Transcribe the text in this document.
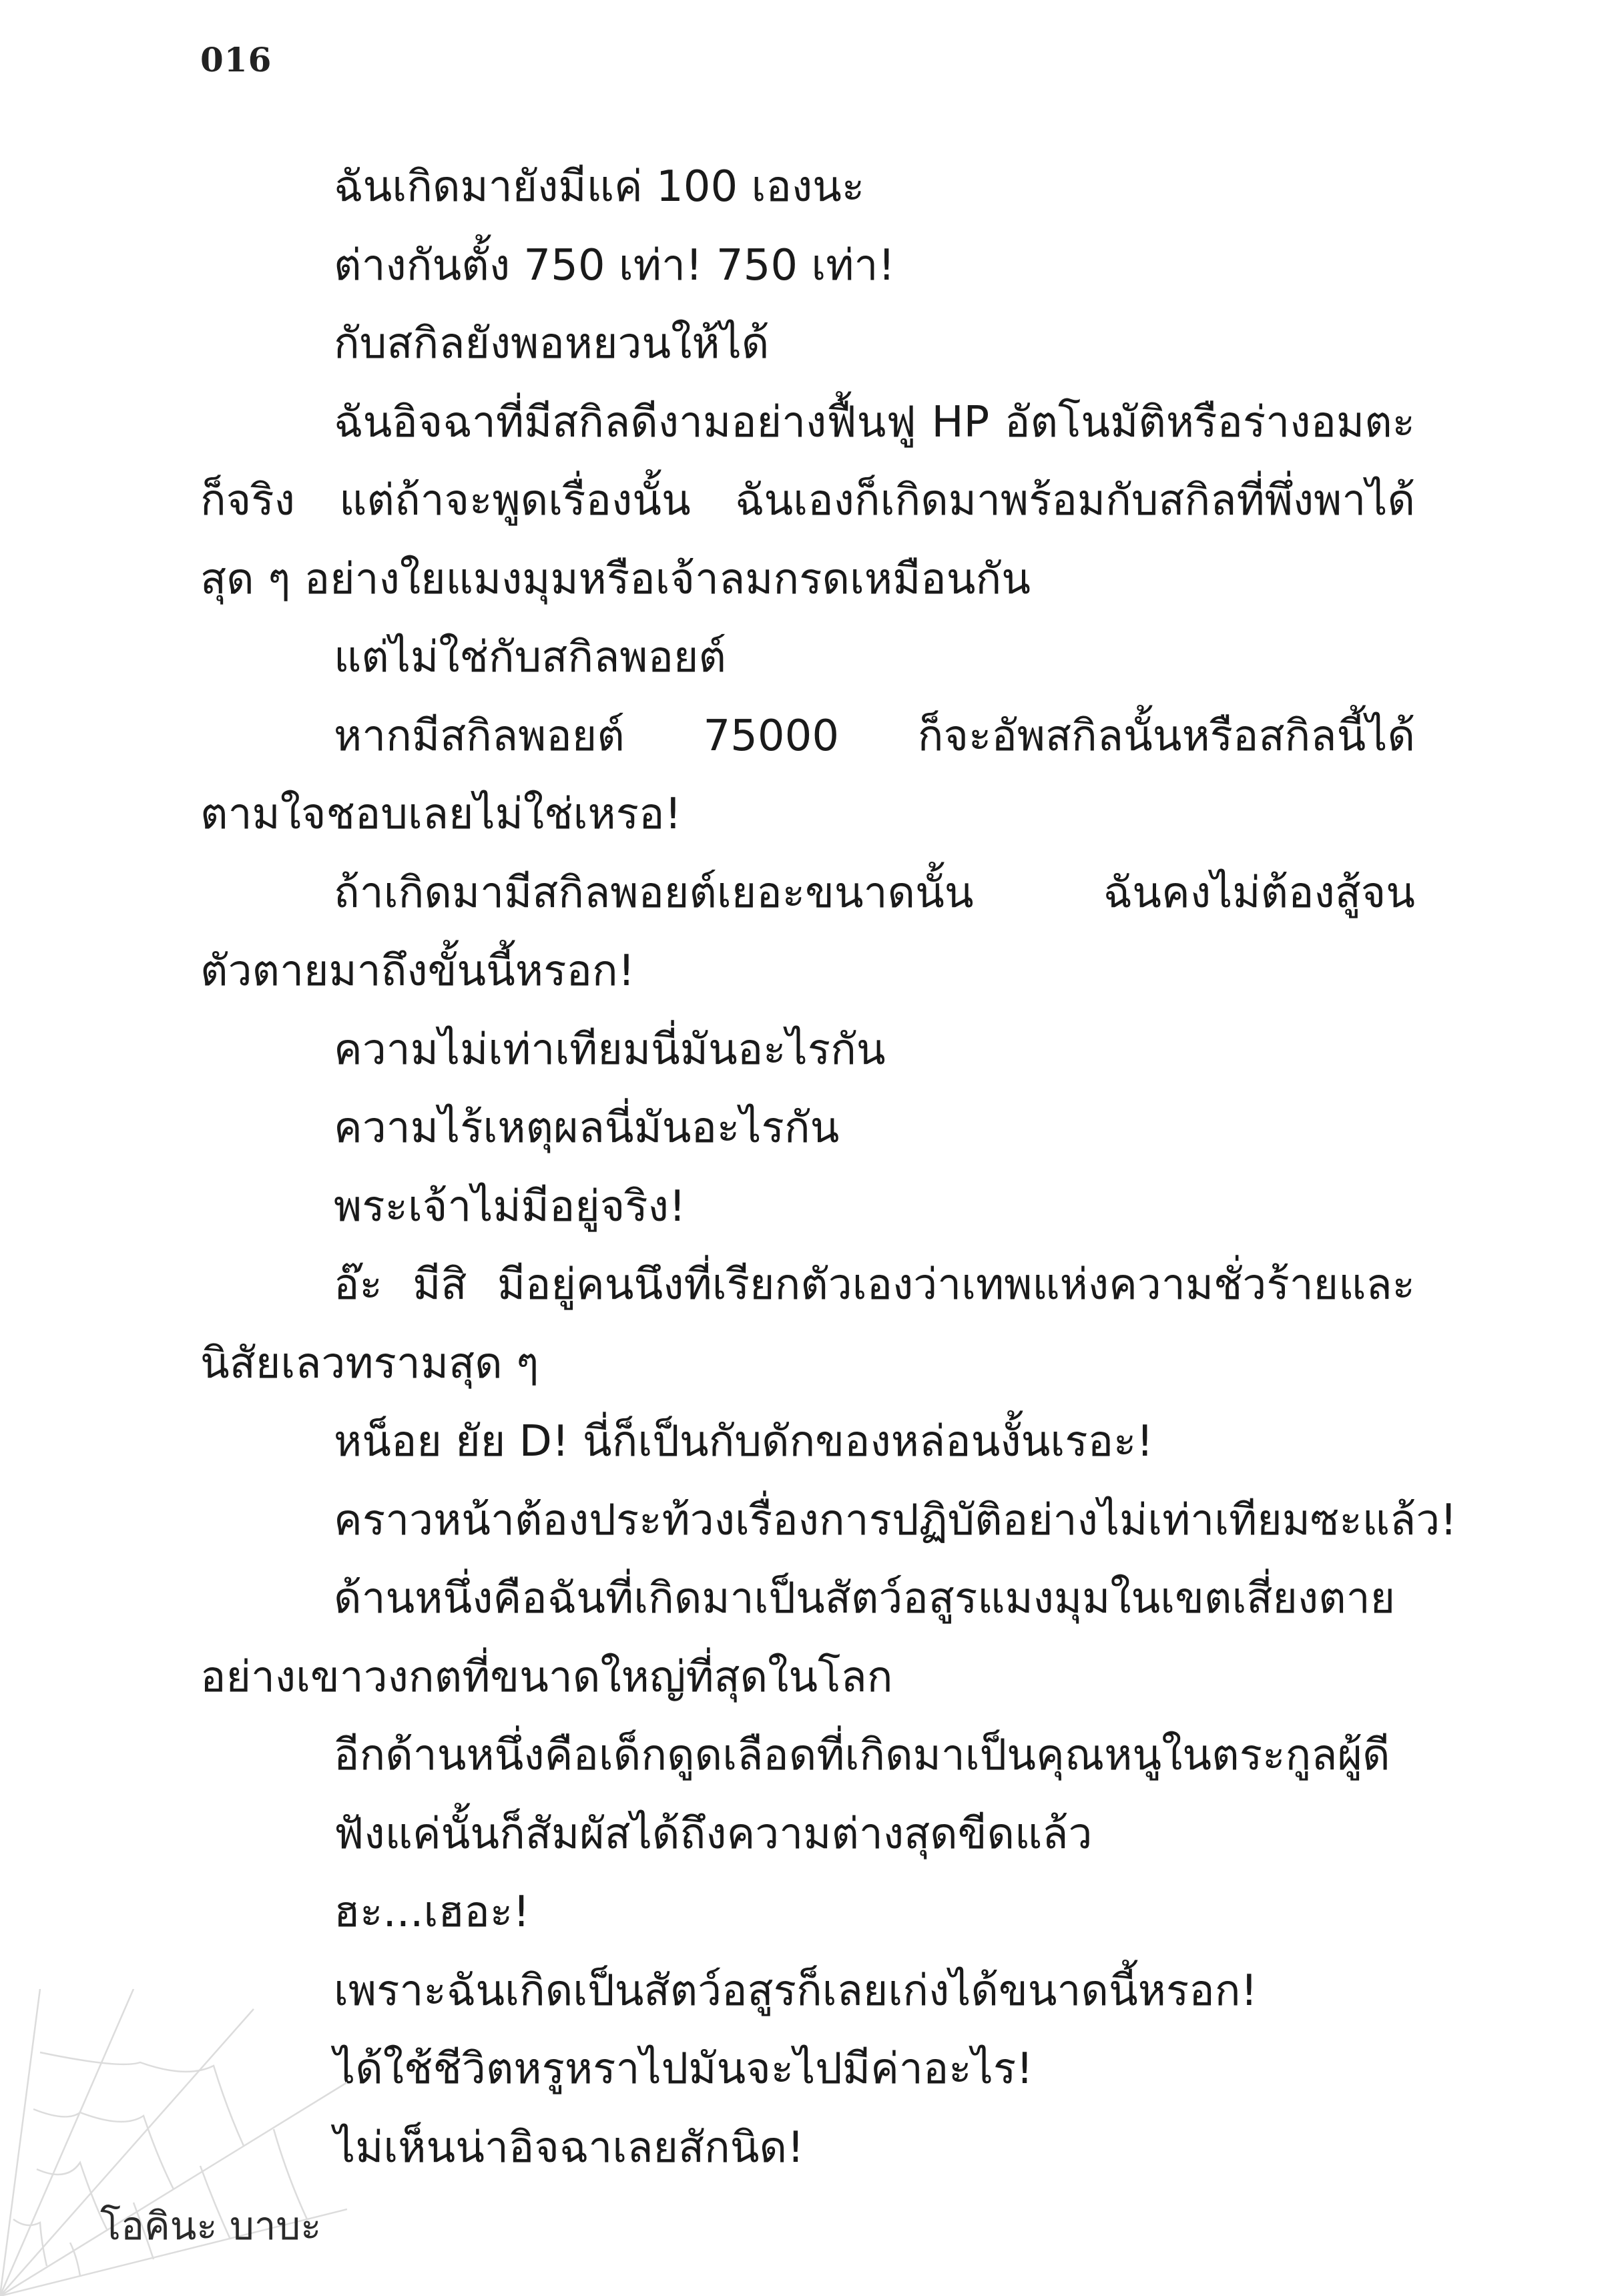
016
ฉันเกิดมายังมีแค่ 100 เองนะ
ต่างกันตั้ง 750 เท่า! 750 เท่า!
กับสกิลยังพอหยวนให้ได้
ฉันอิจฉาที่มีสกิลดีงามอย่างฟื้นฟู HP อัตโนมัติหรือร่างอมตะ
ก็จริง แต่ถ้าจะพูดเรื่องนั้น ฉันเองก็เกิดมาพร้อมกับสกิลที่พึ่งพาได้
สุด ๆ อย่างใยแมงมุมหรือเจ้าลมกรดเหมือนกัน
แต่ไม่ใช่กับสกิลพอยต์
หากมีสกิลพอยต์ 75000 ก็จะอัพสกิลนั้นหรือสกิลนี้ได้
ตามใจชอบเลยไม่ใช่เหรอ!
ถ้าเกิดมามีสกิลพอยต์เยอะขนาดนั้น ฉันคงไม่ต้องสู้จน
ตัวตายมาถึงขั้นนี้หรอก!
ความไม่เท่าเทียมนี่มันอะไรกัน
ความไร้เหตุผลนี่มันอะไรกัน
พระเจ้าไม่มีอยู่จริง!
อ๊ะ มีสิ มีอยู่คนนึงที่เรียกตัวเองว่าเทพแห่งความชั่วร้ายและ
นิสัยเลวทรามสุด ๆ
หน็อย ยัย D! นี่ก็เป็นกับดักของหล่อนงั้นเรอะ!
คราวหน้าต้องประท้วงเรื่องการปฏิบัติอย่างไม่เท่าเทียมซะแล้ว!
ด้านหนึ่งคือฉันที่เกิดมาเป็นสัตว์อสูรแมงมุมในเขตเสี่ยงตาย
อย่างเขาวงกตที่ขนาดใหญ่ที่สุดในโลก
อีกด้านหนึ่งคือเด็กดูดเลือดที่เกิดมาเป็นคุณหนูในตระกูลผู้ดี
ฟังแค่นั้นก็สัมผัสได้ถึงความต่างสุดขีดแล้ว
ฮะ...เฮอะ!
เพราะฉันเกิดเป็นสัตว์อสูรก็เลยเก่งได้ขนาดนี้หรอก!
ได้ใช้ชีวิตหรูหราไปมันจะไปมีค่าอะไร!
ไม่เห็นน่าอิจฉาเลยสักนิด!
โอคินะ บาบะ
